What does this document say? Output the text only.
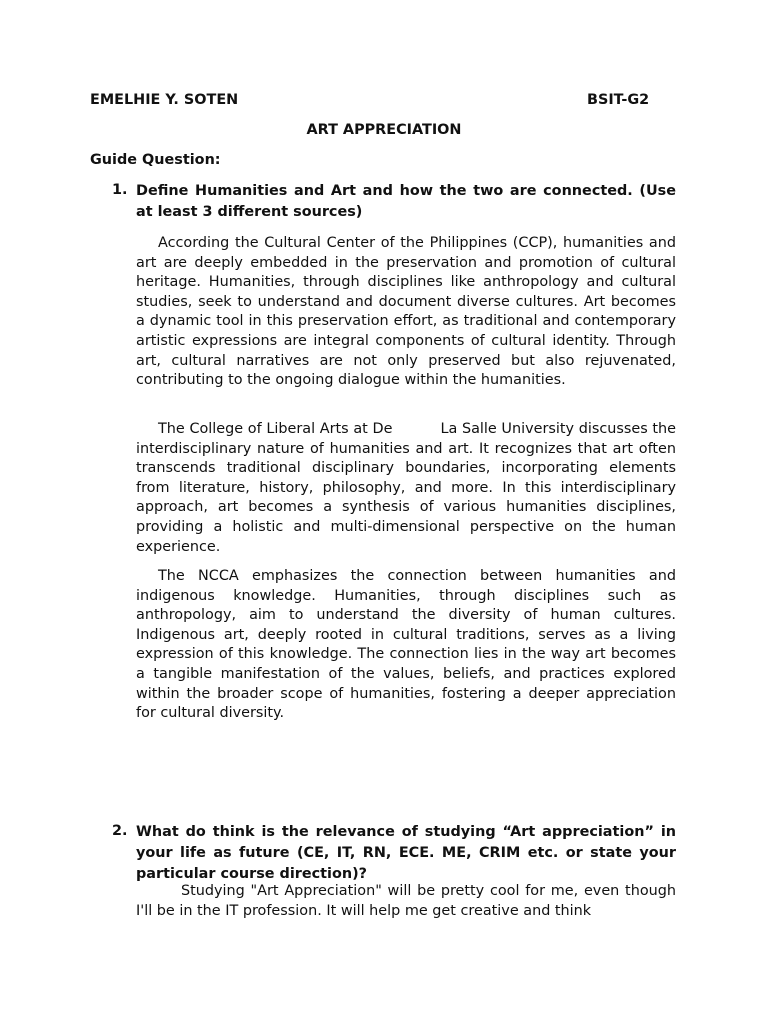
EMELHIE Y. SOTEN	BSIT-G2
ART APPRECIATION
Guide Question:
1. Define Humanities and Art and how the two are connected. (Use at least 3 different sources)
According the Cultural Center of the Philippines (CCP), humanities and art are deeply embedded in the preservation and promotion of cultural heritage. Humanities, through disciplines like anthropology and cultural studies, seek to understand and document diverse cultures. Art becomes a dynamic tool in this preservation effort, as traditional and contemporary artistic expressions are integral components of cultural identity. Through art, cultural narratives are not only preserved but also rejuvenated, contributing to the ongoing dialogue within the humanities.
The College of Liberal Arts at De	La Salle University discusses the interdisciplinary nature of humanities and art. It recognizes that art often transcends traditional disciplinary boundaries, incorporating elements from literature, history, philosophy, and more. In this interdisciplinary approach, art becomes a synthesis of various humanities disciplines, providing a holistic and multi-dimensional perspective on the human experience.
The NCCA emphasizes the connection between humanities and indigenous knowledge. Humanities, through disciplines such as anthropology, aim to understand the diversity of human cultures. Indigenous art, deeply rooted in cultural traditions, serves as a living expression of this knowledge. The connection lies in the way art becomes a tangible manifestation of the values, beliefs, and practices explored within the broader scope of humanities, fostering a deeper appreciation for cultural diversity.
2. What do think is the relevance of studying “Art appreciation” in your life as future (CE, IT, RN, ECE. ME, CRIM etc. or state your particular course direction)?
Studying "Art Appreciation" will be pretty cool for me, even though I'll be in the IT profession. It will help me get creative and think
